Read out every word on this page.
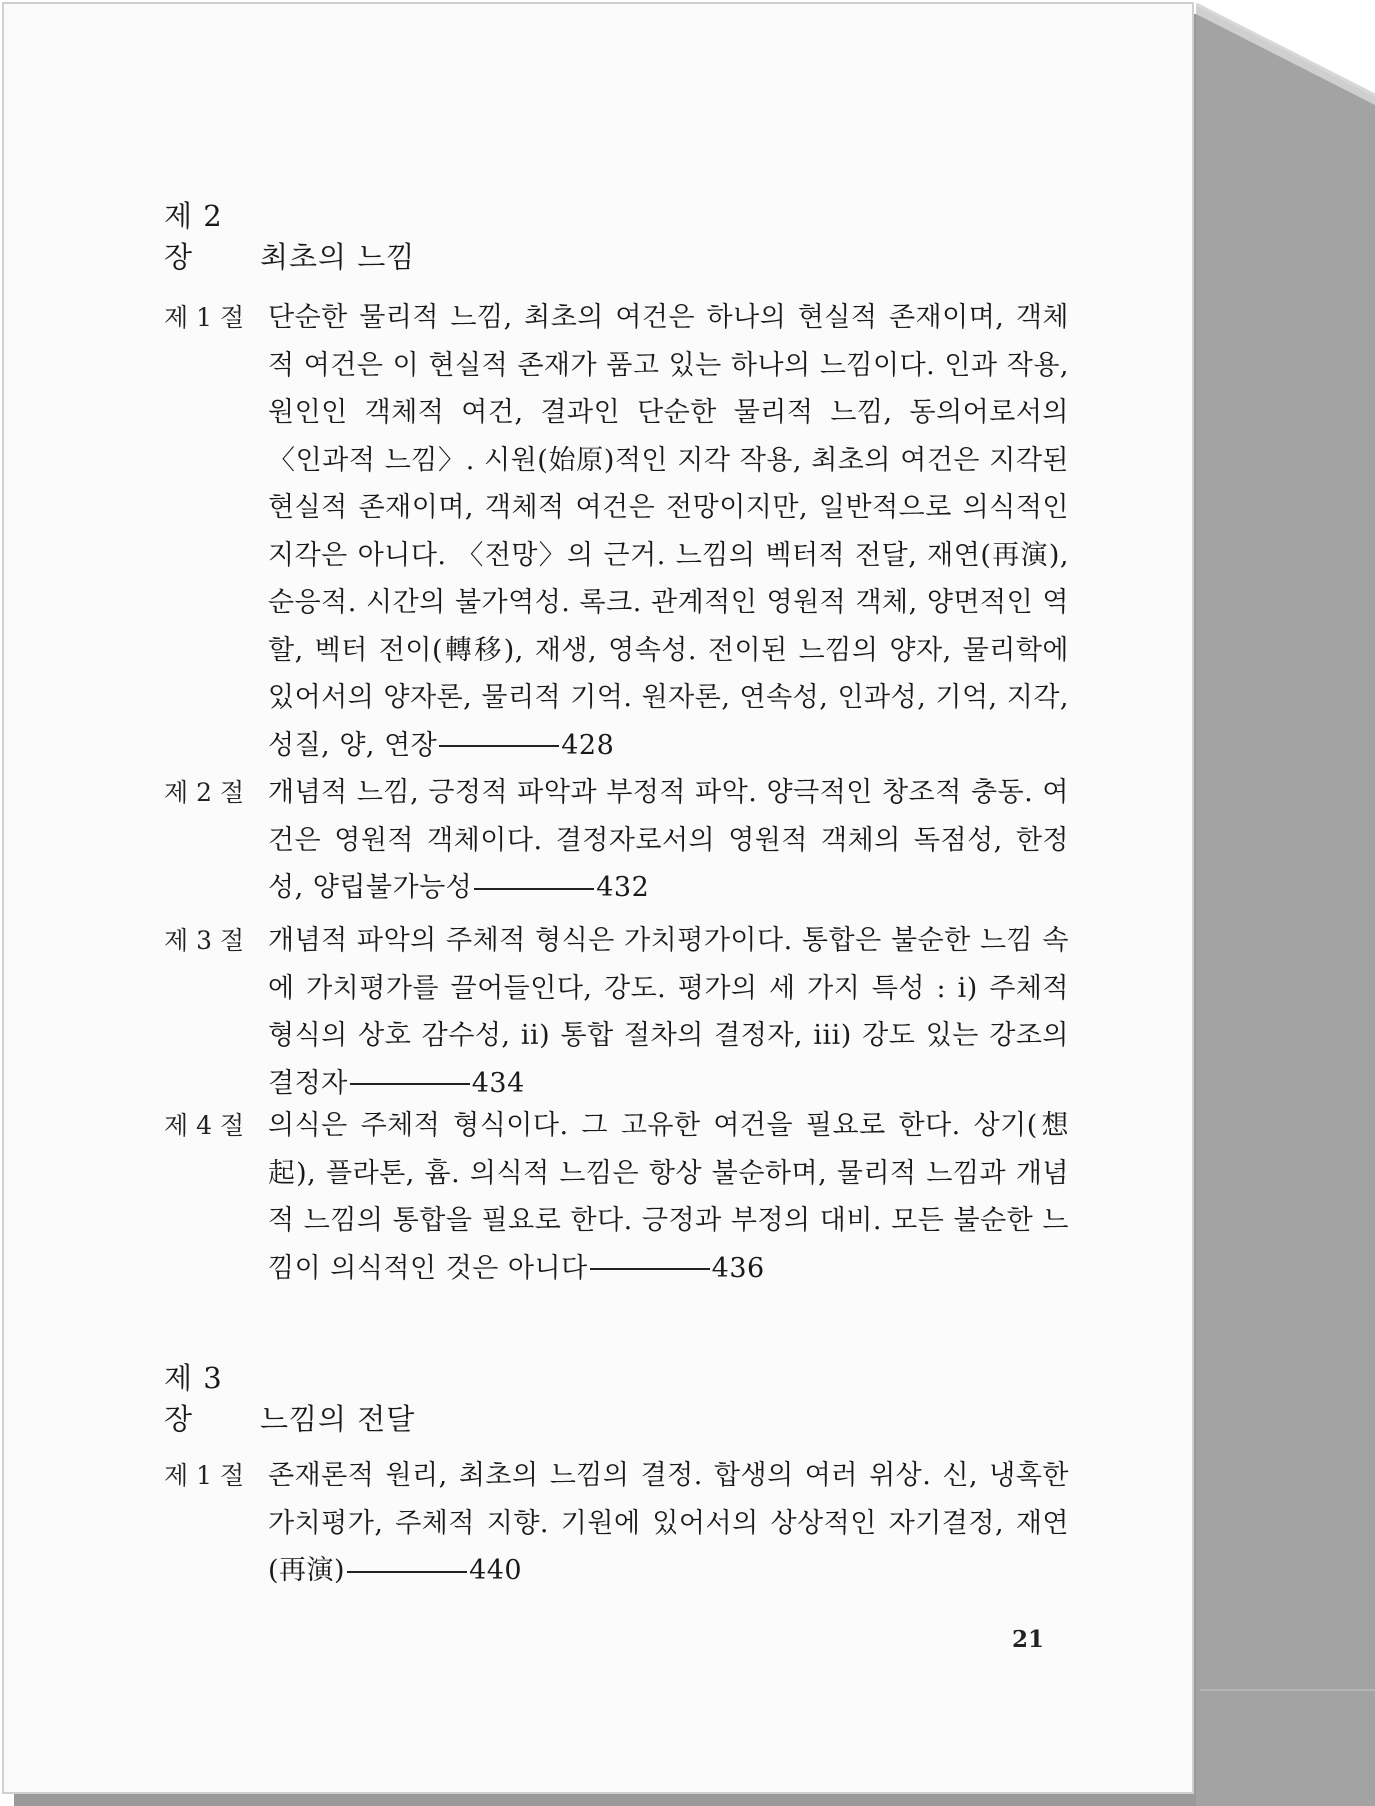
제 2 장 최초의 느낌
제 1 절 단순한 물리적 느낌, 최초의 여건은 하나의 현실적 존재이며, 객체적 여건은 이 현실적 존재가 품고 있는 하나의 느낌이다. 인과 작용, 원인인 객체적 여건, 결과인 단순한 물리적 느낌, 동의어로서의 〈인과적 느낌〉. 시원(始原)적인 지각 작용, 최초의 여건은 지각된 현실적 존재이며, 객체적 여건은 전망이지만, 일반적으로 의식적인 지각은 아니다. 〈전망〉의 근거. 느낌의 벡터적 전달, 재연(再演), 순응적. 시간의 불가역성. 록크. 관계적인 영원적 객체, 양면적인 역할, 벡터 전이(轉移), 재생, 영속성. 전이된 느낌의 양자, 물리학에 있어서의 양자론, 물리적 기억. 원자론, 연속성, 인과성, 기억, 지각, 성질, 양, 연장	428
제 2 절 개념적 느낌, 긍정적 파악과 부정적 파악. 양극적인 창조적 충동. 여건은 영원적 객체이다. 결정자로서의 영원적 객체의 독점성, 한정성, 양립불가능성	432
제 3 절 개념적 파악의 주체적 형식은 가치평가이다. 통합은 불순한 느낌 속에 가치평가를 끌어들인다, 강도. 평가의 세 가지 특성 : i) 주체적 형식의 상호 감수성, ii) 통합 절차의 결정자, iii) 강도 있는 강조의 결정자	434
제 4 절 의식은 주체적 형식이다. 그 고유한 여건을 필요로 한다. 상기(想起), 플라톤, 흄. 의식적 느낌은 항상 불순하며, 물리적 느낌과 개념적 느낌의 통합을 필요로 한다. 긍정과 부정의 대비. 모든 불순한 느낌이 의식적인 것은 아니다	436
제 3 장 느낌의 전달
제 1 절 존재론적 원리, 최초의 느낌의 결정. 합생의 여러 위상. 신, 냉혹한 가치평가, 주체적 지향. 기원에 있어서의 상상적인 자기결정, 재연(再演)	440
21
